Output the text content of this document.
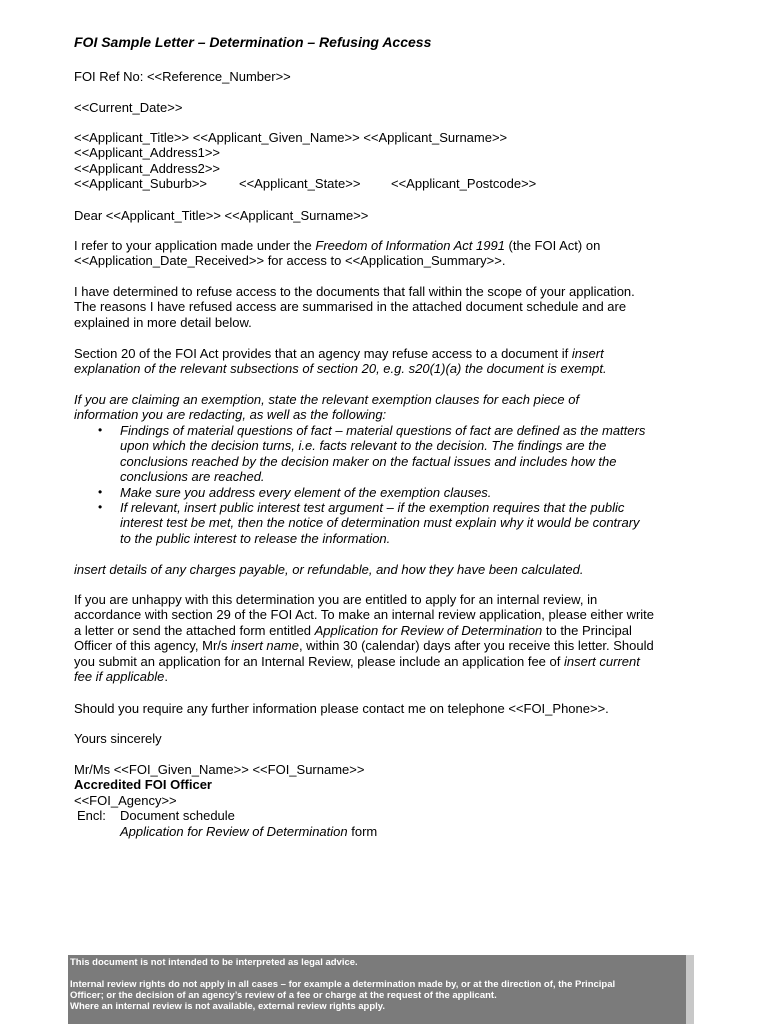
FOI Sample Letter – Determination – Refusing Access
FOI Ref No: <<Reference_Number>>
<<Current_Date>>
<<Applicant_Title>> <<Applicant_Given_Name>> <<Applicant_Surname>>
<<Applicant_Address1>>
<<Applicant_Address2>>
<<Applicant_Suburb>> <<Applicant_State>> <<Applicant_Postcode>>
Dear <<Applicant_Title>> <<Applicant_Surname>>
I refer to your application made under the Freedom of Information Act 1991 (the FOI Act) on
<<Application_Date_Received>> for access to <<Application_Summary>>.
I have determined to refuse access to the documents that fall within the scope of your application.
The reasons I have refused access are summarised in the attached document schedule and are
explained in more detail below.
Section 20 of the FOI Act provides that an agency may refuse access to a document if insert
explanation of the relevant subsections of section 20, e.g. s20(1)(a) the document is exempt.
If you are claiming an exemption, state the relevant exemption clauses for each piece of
information you are redacting, as well as the following:
• Findings of material questions of fact – material questions of fact are defined as the matters
upon which the decision turns, i.e. facts relevant to the decision. The findings are the
conclusions reached by the decision maker on the factual issues and includes how the
conclusions are reached.
• Make sure you address every element of the exemption clauses.
• If relevant, insert public interest test argument – if the exemption requires that the public
interest test be met, then the notice of determination must explain why it would be contrary
to the public interest to release the information.
insert details of any charges payable, or refundable, and how they have been calculated.
If you are unhappy with this determination you are entitled to apply for an internal review, in
accordance with section 29 of the FOI Act. To make an internal review application, please either write
a letter or send the attached form entitled Application for Review of Determination to the Principal
Officer of this agency, Mr/s insert name, within 30 (calendar) days after you receive this letter. Should
you submit an application for an Internal Review, please include an application fee of insert current
fee if applicable.
Should you require any further information please contact me on telephone <<FOI_Phone>>.
Yours sincerely
Mr/Ms <<FOI_Given_Name>> <<FOI_Surname>>
Accredited FOI Officer
<<FOI_Agency>>
Encl: Document schedule
Application for Review of Determination form
This document is not intended to be interpreted as legal advice.
Internal review rights do not apply in all cases – for example a determination made by, or at the direction of, the Principal
Officer; or the decision of an agency’s review of a fee or charge at the request of the applicant.
Where an internal review is not available, external review rights apply.
